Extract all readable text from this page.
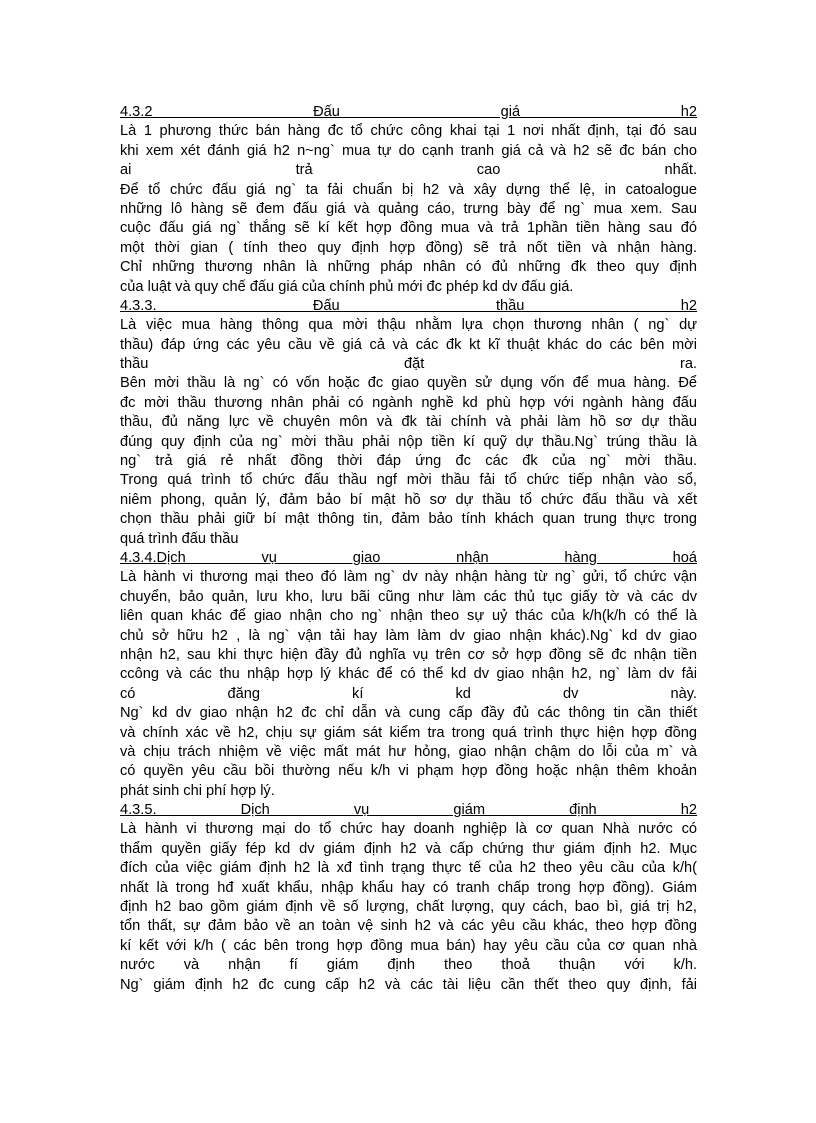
4.3.2 Đấu giá h2
Là 1 phương thức bán hàng đc tổ chức công khai tại 1 nơi nhất định, tại đó sau
khi xem xét đánh giá h2 n~ng` mua tự do cạnh tranh giá cả và h2 sẽ đc bán cho
ai trả cao nhất.
Để tổ chức đấu giá ng` ta fải chuẩn bị h2 và xây dựng thể lệ, in catoalogue
những lô hàng sẽ đem đấu giá và quảng cáo, trưng bày để ng` mua xem. Sau
cuộc đấu giá ng` thắng sẽ kí kết hợp đồng mua và trả 1phần tiền hàng sau đó
một thời gian ( tính theo quy định hợp đồng) sẽ trả nốt tiền và nhận hàng.
Chỉ những thương nhân là những pháp nhân có đủ những đk theo quy định
của luật và quy chế đấu giá của chính phủ mới đc phép kd dv đấu giá.
4.3.3. Đấu thầu h2
Là việc mua hàng thông qua mời thậu nhằm lựa chọn thương nhân ( ng` dự
thầu) đáp ứng các yêu cầu về giá cả và các đk kt kĩ thuật khác do các bên mời
thầu đặt ra.
Bên mời thầu là ng` có vốn hoặc đc giao quyền sử dụng vốn để mua hàng. Để
đc mời thầu thương nhân phải có ngành nghề kd phù hợp với ngành hàng đấu
thầu, đủ năng lực về chuyên môn và đk tài chính và phải làm hồ sơ dự thầu
đúng quy định của ng` mời thầu phải nộp tiền kí quỹ dự thầu.Ng` trúng thầu là
ng` trả giá rẻ nhất đồng thời đáp ứng đc các đk của ng` mời thầu.
Trong quá trình tổ chức đấu thầu ngf mời thầu fải tổ chức tiếp nhận vào sổ,
niêm phong, quản lý, đảm bảo bí mật hồ sơ dự thầu tổ chức đấu thầu và xết
chọn thầu phải giữ bí mật thông tin, đảm bảo tính khách quan trung thực trong
quá trình đấu thầu
4.3.4.Dịch vụ giao nhận hàng hoá
Là hành vi thương mại theo đó làm ng` dv này nhận hàng từ ng` gửi, tổ chức vận
chuyển, bảo quản, lưu kho, lưu bãi cũng như làm các thủ tục giấy tờ và các dv
liên quan khác để giao nhận cho ng` nhận theo sự uỷ thác của k/h(k/h có thể là
chủ sở hữu h2 , là ng` vận tải hay làm làm dv giao nhận khác).Ng` kd dv giao
nhận h2, sau khi thực hiện đầy đủ nghĩa vụ trên cơ sở hợp đồng sẽ đc nhận tiền
ccông và các thu nhập hợp lý khác để có thể kd dv giao nhận h2, ng` làm dv fải
có đăng kí kd dv này.
Ng` kd dv giao nhận h2 đc chỉ dẫn và cung cấp đầy đủ các thông tin cần thiết
và chính xác về h2, chịu sự giám sát kiểm tra trong quá trình thực hiện hợp đồng
và chịu trách nhiệm về việc mất mát hư hỏng, giao nhận chậm do lỗi của m` và
có quyền yêu cầu bồi thường nếu k/h vi phạm hợp đồng hoặc nhận thêm khoản
phát sinh chi phí hợp lý.
4.3.5. Dịch vụ giám định h2
Là hành vi thương mại do tổ chức hay doanh nghiệp là cơ quan Nhà nước có
thẩm quyền giấy fép kd dv giám định h2 và cấp chứng thư giám định h2. Mục
đích của việc giám định h2 là xđ tình trạng thực tế của h2 theo yêu cầu của k/h(
nhất là trong hđ xuất khẩu, nhập khẩu hay có tranh chấp trong hợp đồng). Giám
định h2 bao gồm giám định về số lượng, chất lượng, quy cách, bao bì, giá trị h2,
tổn thất, sự đảm bảo về an toàn vệ sinh h2 và các yêu cầu khác, theo hợp đồng
kí kết với k/h ( các bên trong hợp đồng mua bán) hay yêu cầu của cơ quan nhà
nước và nhận fí giám định theo thoả thuận với k/h.
Ng` giám định h2 đc cung cấp h2 và các tài liệu cần thết theo quy định, fải
